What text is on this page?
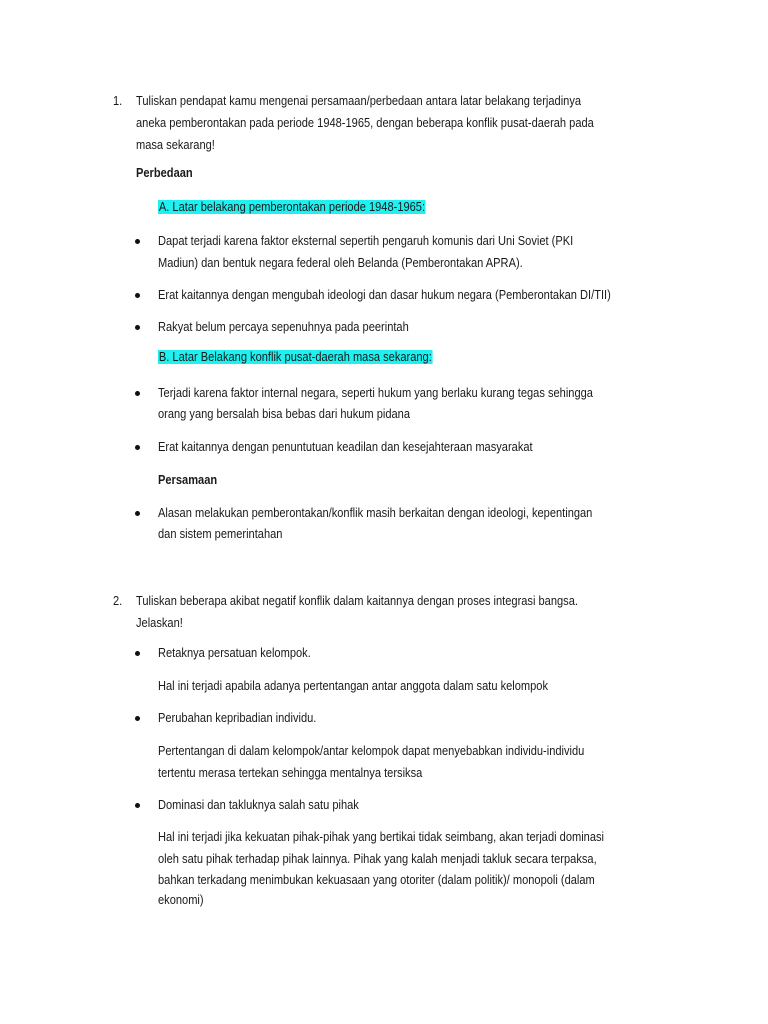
1. Tuliskan pendapat kamu mengenai persamaan/perbedaan antara latar belakang terjadinya
aneka pemberontakan pada periode 1948-1965, dengan beberapa konflik pusat-daerah pada
masa sekarang!
Perbedaan
A. Latar belakang pemberontakan periode 1948-1965:
Dapat terjadi karena faktor eksternal sepertih pengaruh komunis dari Uni Soviet (PKI
Madiun) dan bentuk negara federal oleh Belanda (Pemberontakan APRA).
Erat kaitannya dengan mengubah ideologi dan dasar hukum negara (Pemberontakan DI/TII)
Rakyat belum percaya sepenuhnya pada peerintah
B. Latar Belakang konflik pusat-daerah masa sekarang:
Terjadi karena faktor internal negara, seperti hukum yang berlaku kurang tegas sehingga
orang yang bersalah bisa bebas dari hukum pidana
Erat kaitannya dengan penuntutuan keadilan dan kesejahteraan masyarakat
Persamaan
Alasan melakukan pemberontakan/konflik masih berkaitan dengan ideologi, kepentingan
dan sistem pemerintahan
2. Tuliskan beberapa akibat negatif konflik dalam kaitannya dengan proses integrasi bangsa.
Jelaskan!
Retaknya persatuan kelompok.
Hal ini terjadi apabila adanya pertentangan antar anggota dalam satu kelompok
Perubahan kepribadian individu.
Pertentangan di dalam kelompok/antar kelompok dapat menyebabkan individu-individu
tertentu merasa tertekan sehingga mentalnya tersiksa
Dominasi dan takluknya salah satu pihak
Hal ini terjadi jika kekuatan pihak-pihak yang bertikai tidak seimbang, akan terjadi dominasi
oleh satu pihak terhadap pihak lainnya. Pihak yang kalah menjadi takluk secara terpaksa,
bahkan terkadang menimbukan kekuasaan yang otoriter (dalam politik)/ monopoli (dalam
ekonomi)
